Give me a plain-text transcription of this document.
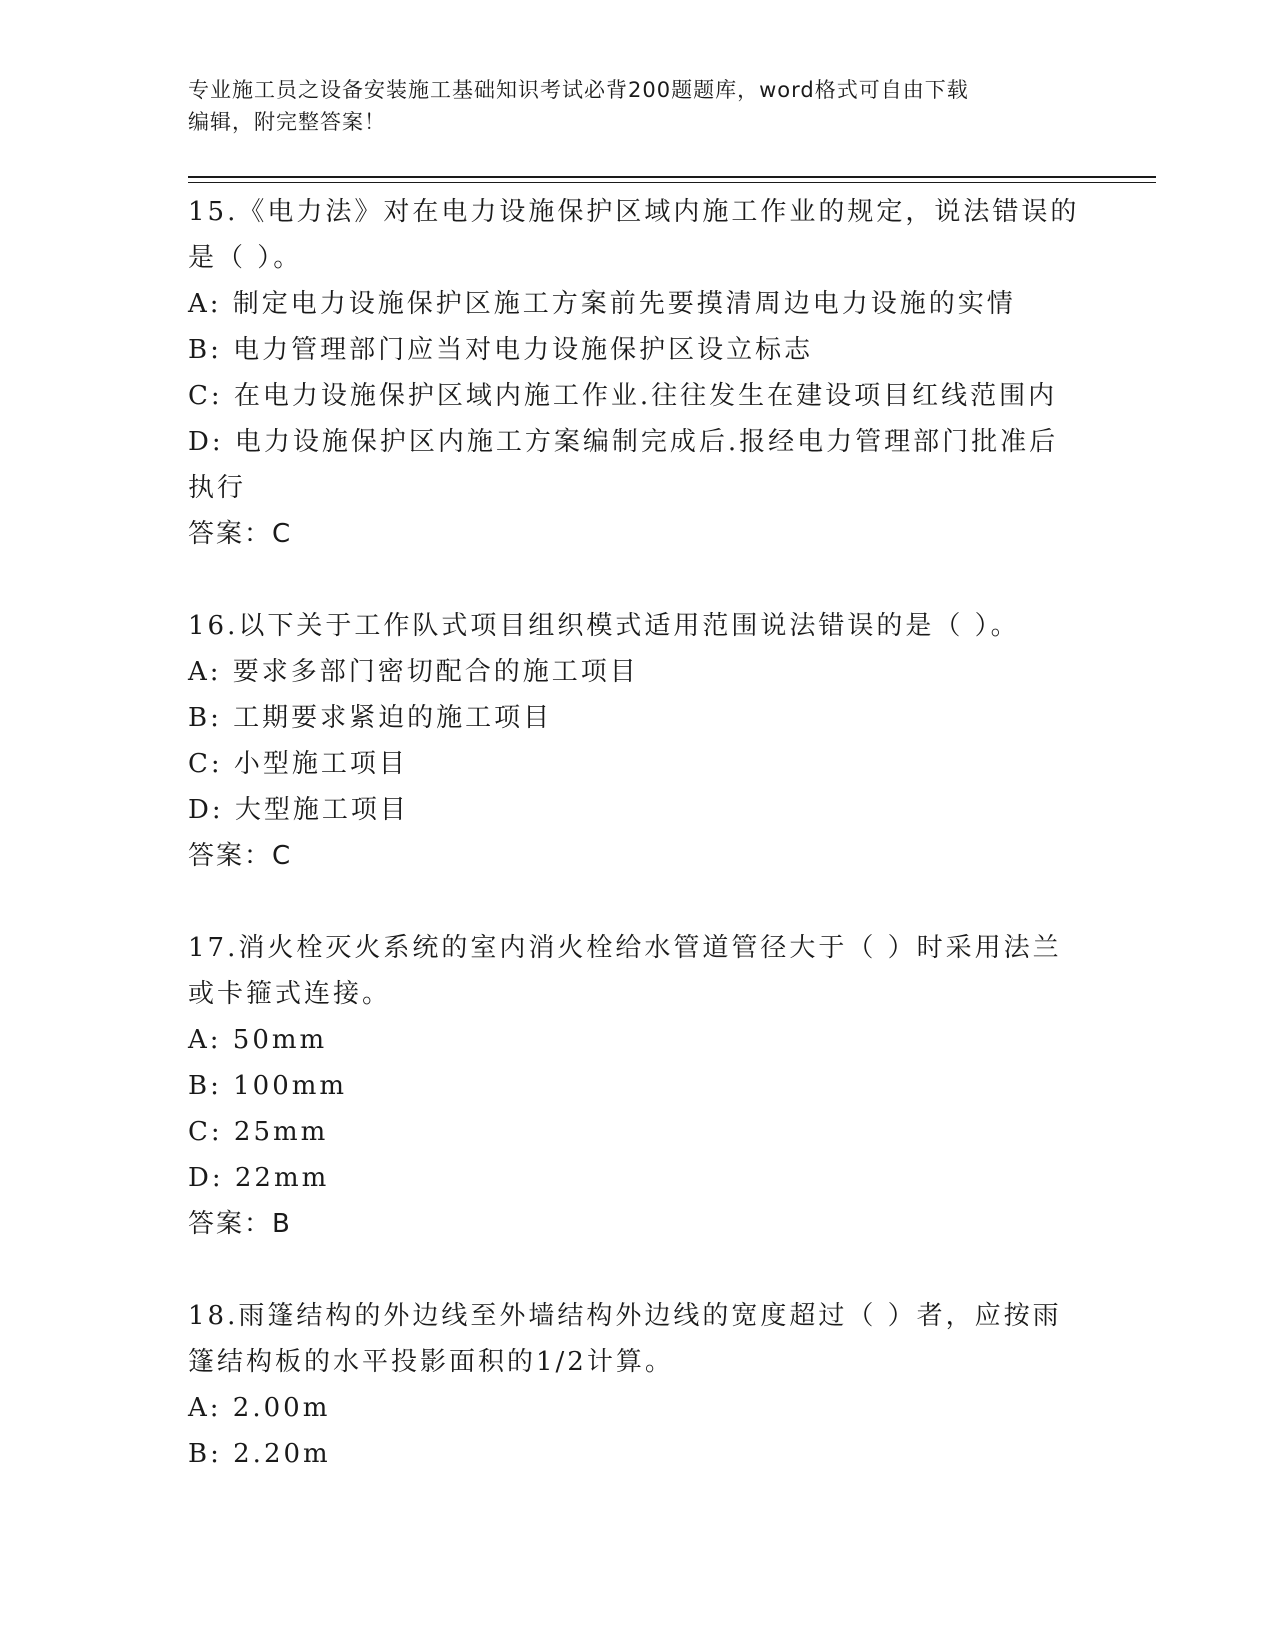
专业施工员之设备安装施工基础知识考试必背200题题库，word格式可自由下载
编辑，附完整答案！
15.《电力法》对在电力设施保护区域内施工作业的规定，说法错误的
是（ ）。
A: 制定电力设施保护区施工方案前先要摸清周边电力设施的实情
B: 电力管理部门应当对电力设施保护区设立标志
C: 在电力设施保护区域内施工作业.往往发生在建设项目红线范围内
D: 电力设施保护区内施工方案编制完成后.报经电力管理部门批准后
执行
答案：C
16.以下关于工作队式项目组织模式适用范围说法错误的是（ ）。
A: 要求多部门密切配合的施工项目
B: 工期要求紧迫的施工项目
C: 小型施工项目
D: 大型施工项目
答案：C
17.消火栓灭火系统的室内消火栓给水管道管径大于（ ）时采用法兰
或卡箍式连接。
A: 50mm
B: 100mm
C: 25mm
D: 22mm
答案：B
18.雨篷结构的外边线至外墙结构外边线的宽度超过（ ）者，应按雨
篷结构板的水平投影面积的1/2计算。
A: 2.00m
B: 2.20m
